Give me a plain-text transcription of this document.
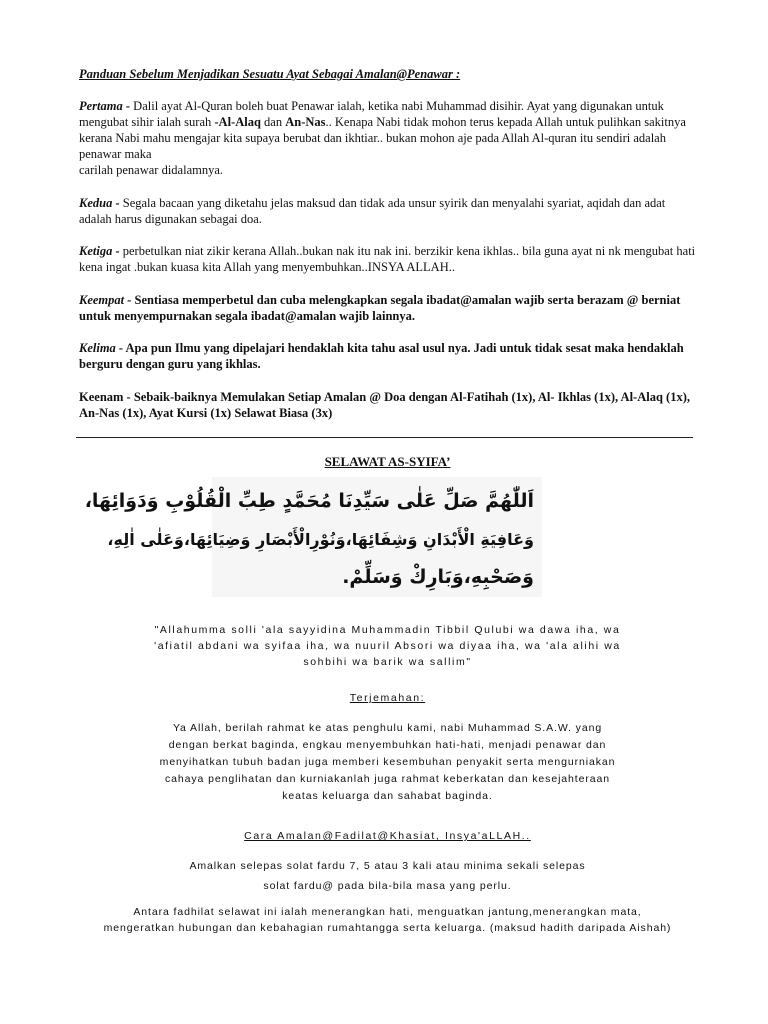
Panduan Sebelum Menjadikan Sesuatu Ayat Sebagai Amalan@Penawar :
Pertama - Dalil ayat Al-Quran boleh buat Penawar ialah, ketika nabi Muhammad disihir. Ayat yang digunakan untuk mengubat sihir ialah surah -Al-Alaq dan An-Nas.. Kenapa Nabi tidak mohon terus kepada Allah untuk pulihkan sakitnya kerana Nabi mahu mengajar kita supaya berubat dan ikhtiar.. bukan mohon aje pada Allah Al-quran itu sendiri adalah penawar maka
carilah penawar didalamnya.
Kedua - Segala bacaan yang diketahu jelas maksud dan tidak ada unsur syirik dan menyalahi syariat, aqidah dan adat adalah harus digunakan sebagai doa.
Ketiga - perbetulkan niat zikir kerana Allah..bukan nak itu nak ini. berzikir kena ikhlas.. bila guna ayat ni nk mengubat hati kena ingat .bukan kuasa kita Allah yang menyembuhkan..INSYA ALLAH..
Keempat - Sentiasa memperbetul dan cuba melengkapkan segala ibadat@amalan wajib serta berazam @ berniat untuk menyempurnakan segala ibadat@amalan wajib lainnya.
Kelima - Apa pun Ilmu yang dipelajari hendaklah kita tahu asal usul nya. Jadi untuk tidak sesat maka hendaklah berguru dengan guru yang ikhlas.
Keenam - Sebaik-baiknya Memulakan Setiap Amalan @ Doa dengan Al-Fatihah (1x), Al- Ikhlas (1x), Al-Alaq (1x), An-Nas (1x), Ayat Kursi (1x) Selawat Biasa (3x)
SELAWAT AS-SYIFA’
اَللّٰهُمَّ صَلِّ عَلٰى سَيِّدِنَا مُحَمَّدٍ طِبِّ الْقُلُوْبِ وَدَوَائِهَا،
وَعَافِيَةِ الْأَبْدَانِ وَشِفَائِهَا،وَنُوْرِالْأَبْصَارِ وَضِيَائِهَا،وَعَلٰى اٰلِهِ،
وَصَحْبِهِ،وَبَارِكْ وَسَلِّمْ.
"Allahumma solli 'ala sayyidina Muhammadin Tibbil Qulubi wa dawa iha, wa
'afiatil abdani wa syifaa iha, wa nuuril Absori wa diyaa iha, wa 'ala alihi wa
sohbihi wa barik wa sallim"
Terjemahan:
Ya Allah, berilah rahmat ke atas penghulu kami, nabi Muhammad S.A.W. yang
dengan berkat baginda, engkau menyembuhkan hati-hati, menjadi penawar dan
menyihatkan tubuh badan juga memberi kesembuhan penyakit serta mengurniakan
cahaya penglihatan dan kurniakanlah juga rahmat keberkatan dan kesejahteraan
keatas keluarga dan sahabat baginda.
Cara Amalan@Fadilat@Khasiat, Insya'aLLAH..
Amalkan selepas solat fardu 7, 5 atau 3 kali atau minima sekali selepas
solat fardu@ pada bila-bila masa yang perlu.
Antara fadhilat selawat ini ialah menerangkan hati, menguatkan jantung,menerangkan mata,
mengeratkan hubungan dan kebahagian rumahtangga serta keluarga. (maksud hadith daripada Aishah)
